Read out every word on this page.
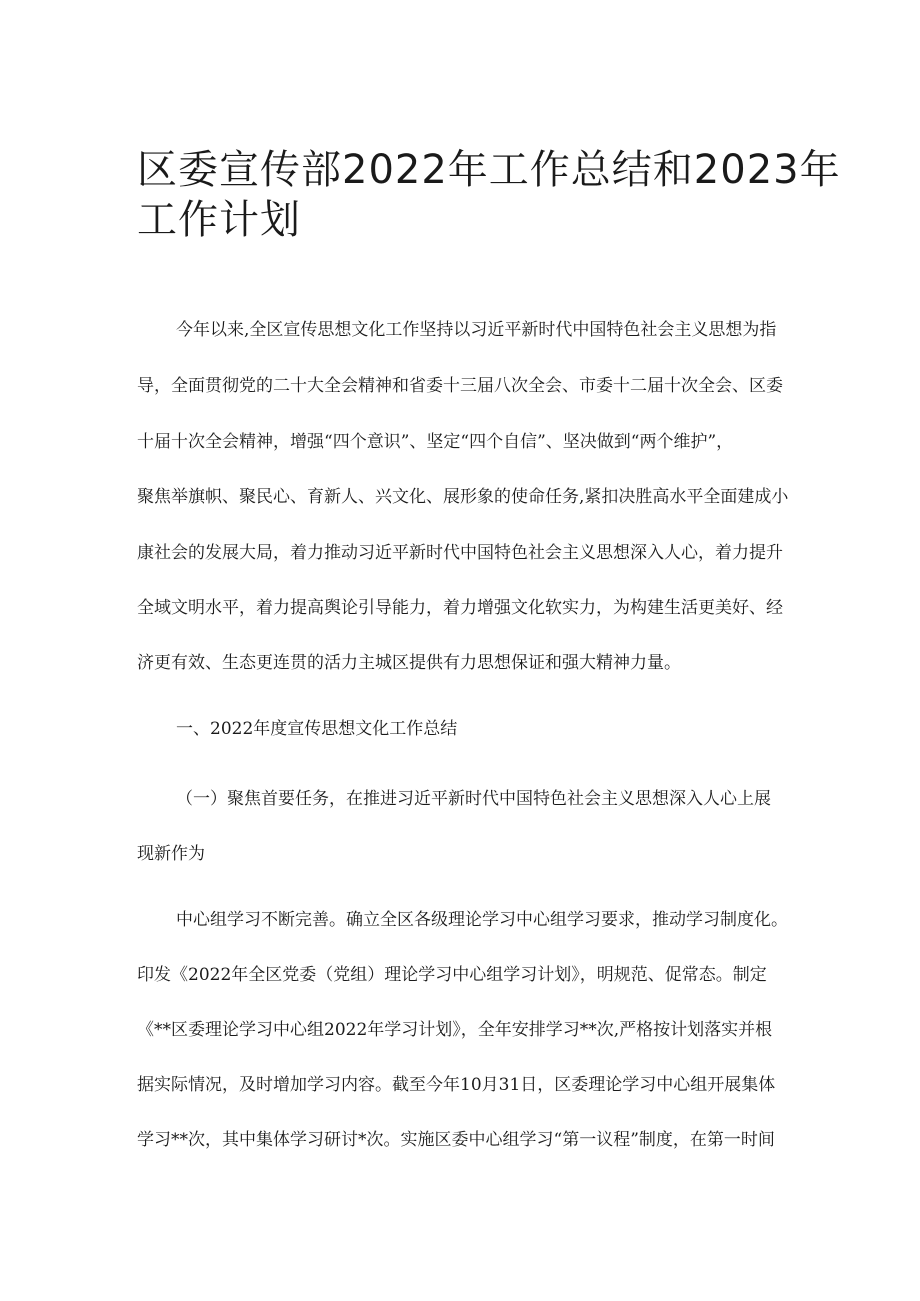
区委宣传部2022年工作总结和2023年
工作计划

今年以来,全区宣传思想文化工作坚持以习近平新时代中国特色社会主义思想为指

导，全面贯彻党的二十大全会精神和省委十三届八次全会、市委十二届十次全会、区委

十届十次全会精神，增强“四个意识”、坚定“四个自信”、坚决做到“两个维护”，

聚焦举旗帜、聚民心、育新人、兴文化、展形象的使命任务,紧扣决胜高水平全面建成小

康社会的发展大局，着力推动习近平新时代中国特色社会主义思想深入人心，着力提升

全域文明水平，着力提高舆论引导能力，着力增强文化软实力，为构建生活更美好、经

济更有效、生态更连贯的活力主城区提供有力思想保证和强大精神力量。

一、2022年度宣传思想文化工作总结

（一）聚焦首要任务，在推进习近平新时代中国特色社会主义思想深入人心上展

现新作为

中心组学习不断完善。确立全区各级理论学习中心组学习要求，推动学习制度化。

印发《2022年全区党委（党组）理论学习中心组学习计划》，明规范、促常态。制定

《**区委理论学习中心组2022年学习计划》，全年安排学习**次,严格按计划落实并根

据实际情况，及时增加学习内容。截至今年10月31日，区委理论学习中心组开展集体

学习**次，其中集体学习研讨*次。实施区委中心组学习“第一议程”制度，在第一时间
